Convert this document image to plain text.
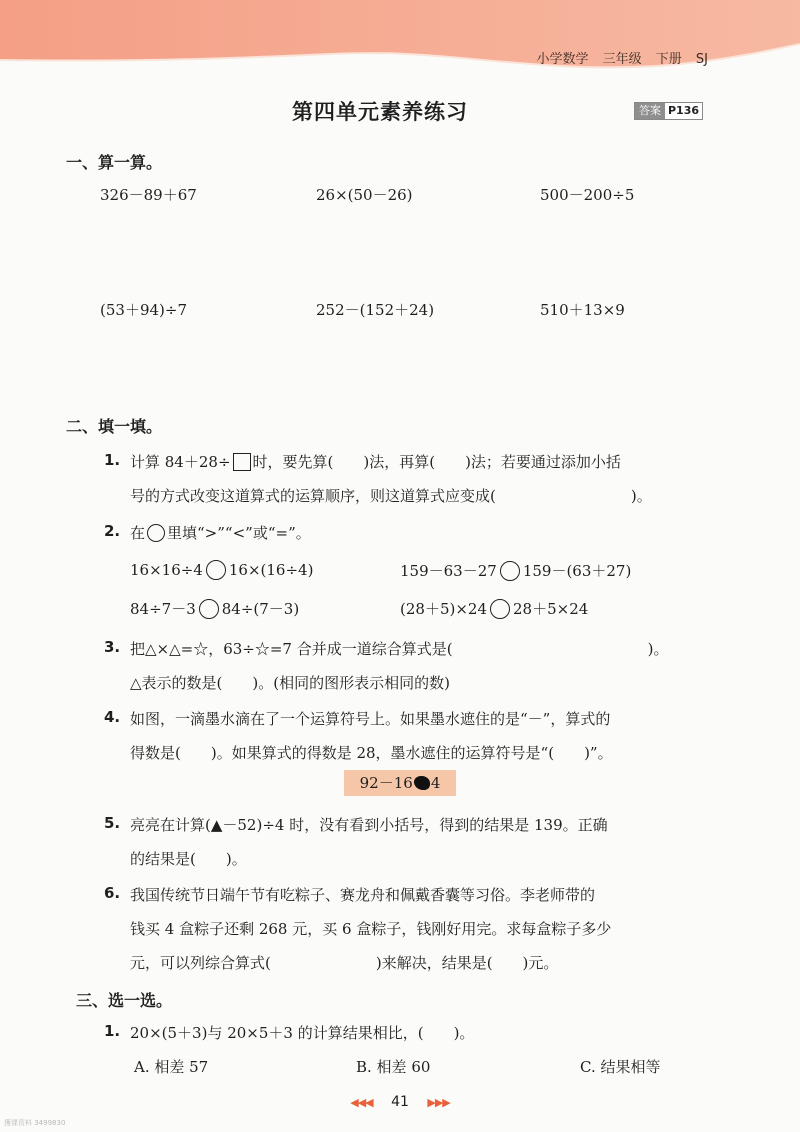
小学数学 三年级 下册 SJ
第四单元素养练习	答案 P136
一、算一算。
326－89＋67	26×(50－26)	500－200÷5
(53＋94)÷7	252－(152＋24)	510＋13×9
二、填一填。
1. 计算 84＋28÷ 时，要先算(　　)法，再算(　　)法；若要通过添加小括
号的方式改变这道算式的运算顺序，则这道算式应变成(　　　　　　　　　)。
2. 在 里填“>”“<”或“=”。
16×16÷4 16×(16÷4)	159－63－27 159－(63＋27)
84÷7－3 84÷(7－3)	(28＋5)×24 28＋5×24
3. 把△×△=☆，63÷☆=7 合并成一道综合算式是(　　　　　　　　　　　　　)。
△表示的数是(　　)。(相同的图形表示相同的数)
4. 如图，一滴墨水滴在了一个运算符号上。如果墨水遮住的是“－”，算式的
得数是(　　)。如果算式的得数是 28，墨水遮住的运算符号是“(　　)”。
92－16 4
5. 亮亮在计算(▲－52)÷4 时，没有看到小括号，得到的结果是 139。正确
的结果是(　　)。
6. 我国传统节日端午节有吃粽子、赛龙舟和佩戴香囊等习俗。李老师带的
钱买 4 盒粽子还剩 268 元，买 6 盒粽子，钱刚好用完。求每盒粽子多少
元，可以列综合算式(　　　　　　　)来解决，结果是(　　)元。
三、选一选。
1. 20×(5＋3)与 20×5＋3 的计算结果相比，(　　)。
A. 相差 57	B. 相差 60	C. 结果相等
◀◀◀ 41 ▶▶▶
獲课资料 3499830
